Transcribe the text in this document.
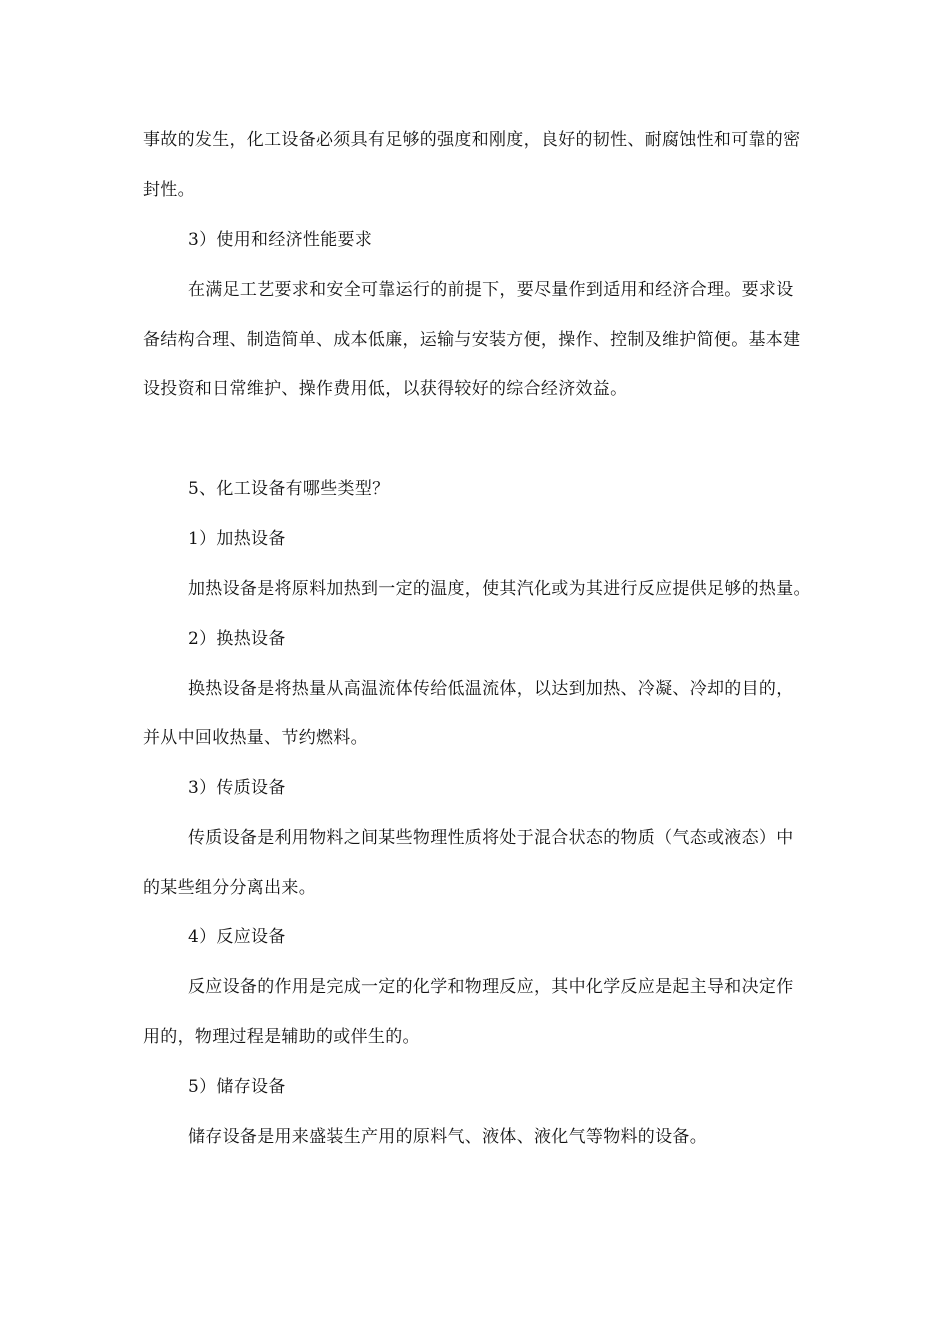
事故的发生，化工设备必须具有足够的强度和刚度，良好的韧性、耐腐蚀性和可靠的密
封性。
3）使用和经济性能要求
在满足工艺要求和安全可靠运行的前提下，要尽量作到适用和经济合理。要求设
备结构合理、制造简单、成本低廉，运输与安装方便，操作、控制及维护简便。基本建
设投资和日常维护、操作费用低，以获得较好的综合经济效益。
5、化工设备有哪些类型？
1）加热设备
加热设备是将原料加热到一定的温度，使其汽化或为其进行反应提供足够的热量。
2）换热设备
换热设备是将热量从高温流体传给低温流体，以达到加热、冷凝、冷却的目的，
并从中回收热量、节约燃料。
3）传质设备
传质设备是利用物料之间某些物理性质将处于混合状态的物质（气态或液态）中
的某些组分分离出来。
4）反应设备
反应设备的作用是完成一定的化学和物理反应，其中化学反应是起主导和决定作
用的，物理过程是辅助的或伴生的。
5）储存设备
储存设备是用来盛装生产用的原料气、液体、液化气等物料的设备。
